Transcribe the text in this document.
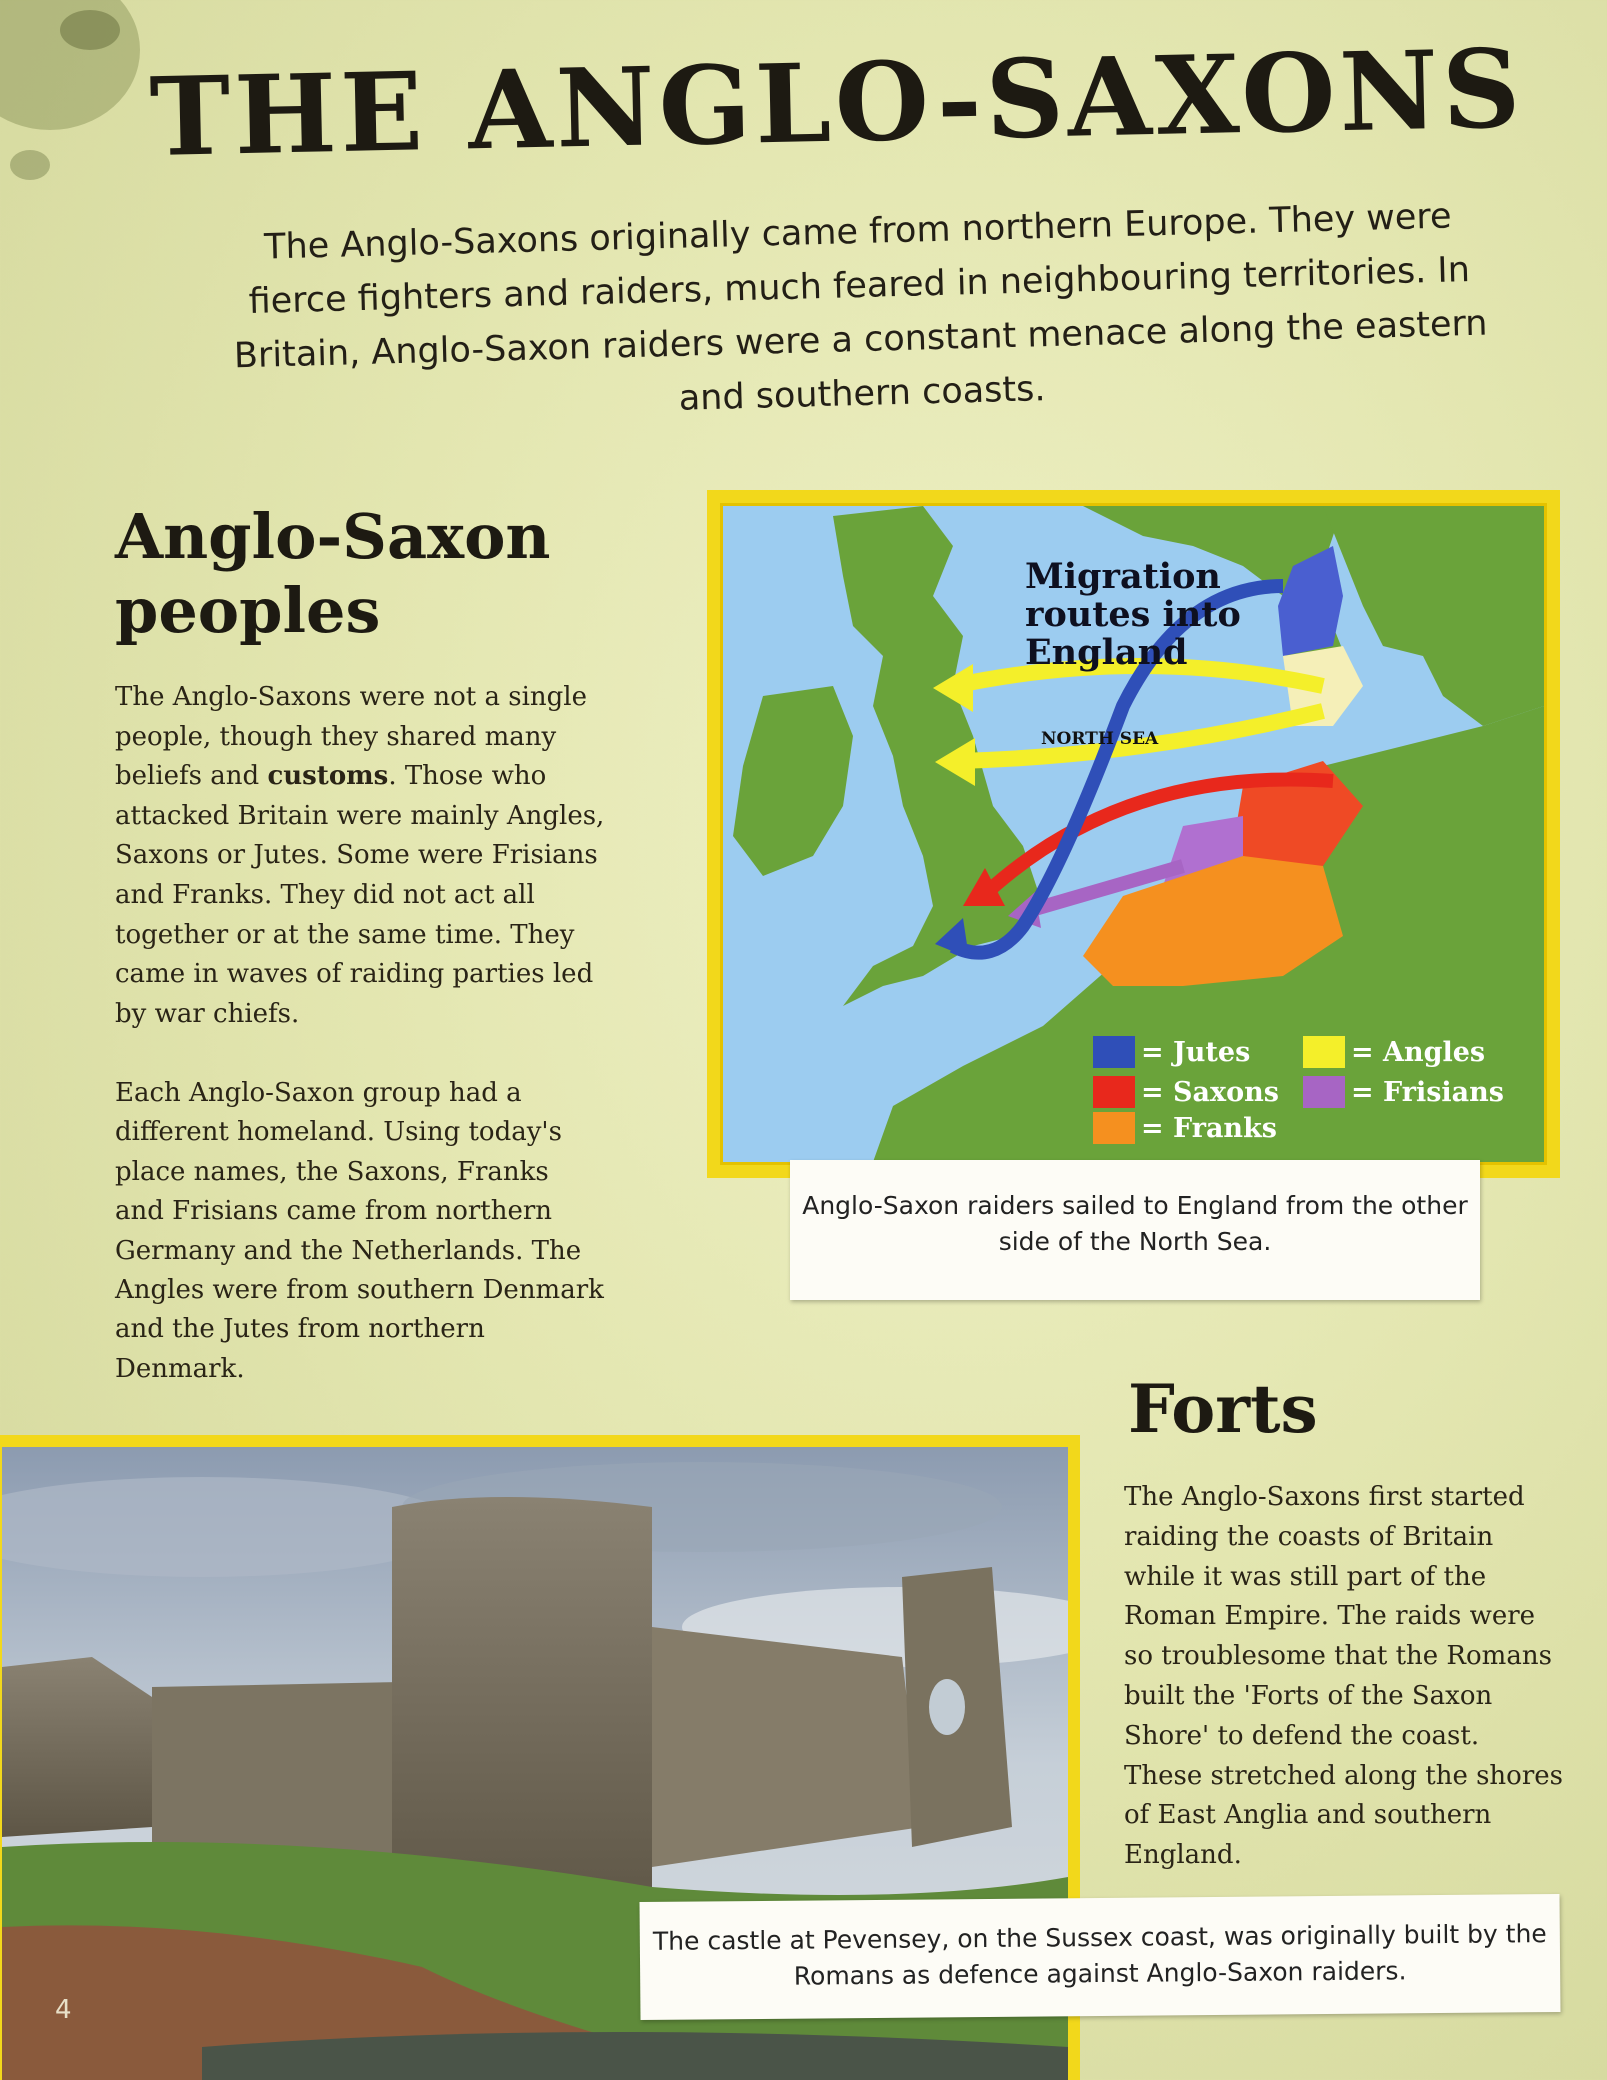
THE ANGLO-SAXONS

The Anglo-Saxons originally came from northern Europe. They were fierce fighters and raiders, much feared in neighbouring territories. In Britain, Anglo-Saxon raiders were a constant menace along the eastern and southern coasts.

Anglo-Saxon peoples

The Anglo-Saxons were not a single people, though they shared many beliefs and customs. Those who attacked Britain were mainly Angles, Saxons or Jutes. Some were Frisians and Franks. They did not act all together or at the same time. They came in waves of raiding parties led by war chiefs.

Each Anglo-Saxon group had a different homeland. Using today's place names, the Saxons, Franks and Frisians came from northern Germany and the Netherlands. The Angles were from southern Denmark and the Jutes from northern Denmark.

Migration
routes into
England
NORTH SEA
= Jutes
= Saxons
= Franks
= Angles
= Frisians
Anglo-Saxon raiders sailed to England from the other side of the North Sea.
Forts

The Anglo-Saxons first started raiding the coasts of Britain while it was still part of the Roman Empire. The raids were so troublesome that the Romans built the 'Forts of the Saxon Shore' to defend the coast. These stretched along the shores of East Anglia and southern England.

The castle at Pevensey, on the Sussex coast, was originally built by the Romans as defence against Anglo-Saxon raiders.
4
